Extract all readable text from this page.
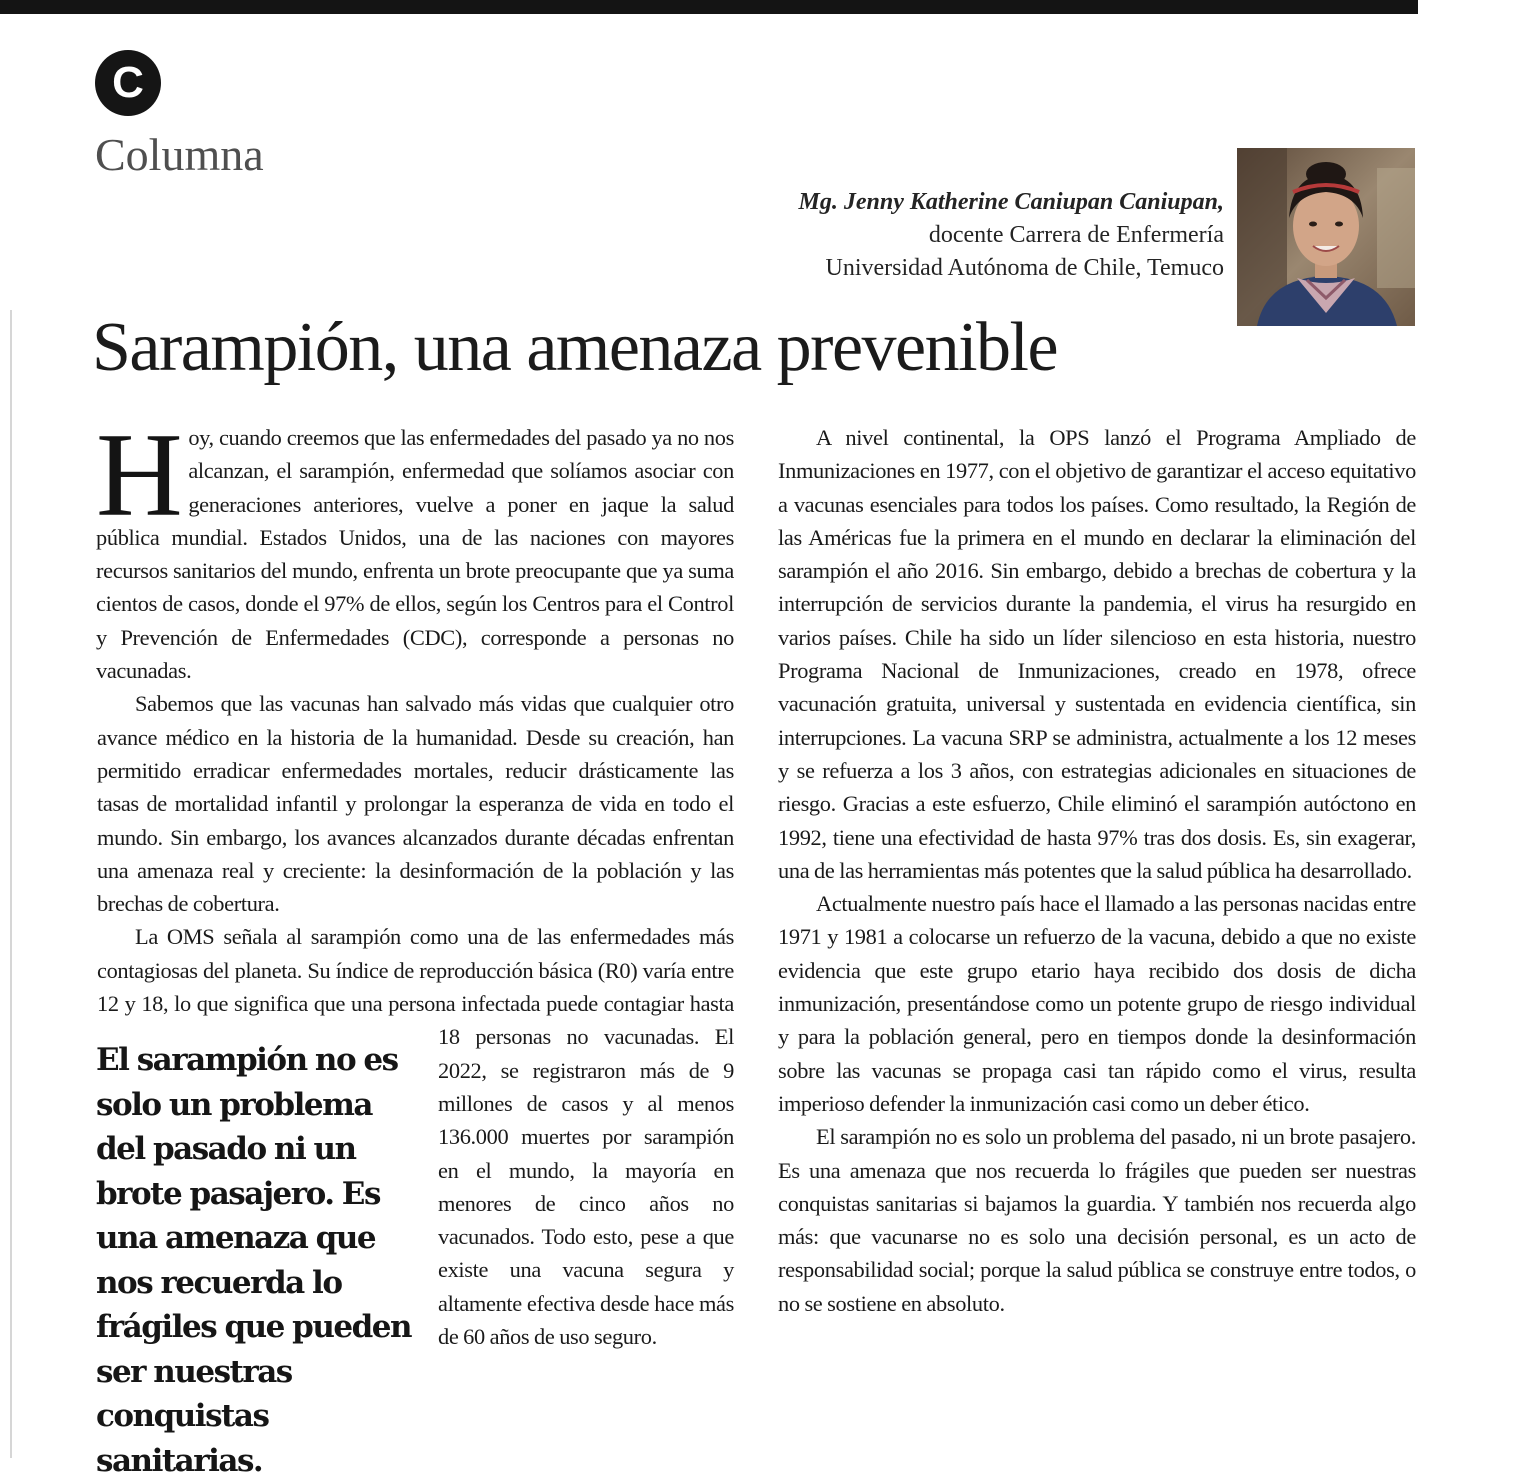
C
Columna
Mg. Jenny Katherine Caniupan Caniupan,
docente Carrera de Enfermería
Universidad Autónoma de Chile, Temuco
Sarampión, una amenaza prevenible

Hoy, cuando creemos que las enfermedades del pasado ya no nos alcanzan, el sarampión, enfermedad que solíamos asociar con generaciones anteriores, vuelve a poner en jaque la salud pública mundial. Estados Unidos, una de las naciones con mayores recursos sanitarios del mundo, enfrenta un brote preocupante que ya suma cientos de casos, donde el 97% de ellos, según los Centros para el Control y Prevención de Enfermedades (CDC), corresponde a personas no vacunadas.

El sarampión no es solo un problema del pasado ni un brote pasajero. Es una amenaza que nos recuerda lo frágiles que pueden ser nuestras conquistas sanitarias.

Sabemos que las vacunas han salvado más vidas que cualquier otro avance médico en la historia de la humanidad. Desde su creación, han permitido erradicar enfermedades mortales, reducir drásticamente las tasas de mortalidad infantil y prolongar la esperanza de vida en todo el mundo. Sin embargo, los avances alcanzados durante décadas enfrentan una amenaza real y creciente: la desinformación de la población y las brechas de cobertura.

La OMS señala al sarampión como una de las enfermedades más contagiosas del planeta. Su índice de reproducción básica (R0) varía entre 12 y 18, lo que significa que una persona infectada puede contagiar hasta 18 personas no vacunadas. El 2022, se registraron más de 9 millones de casos y al menos 136.000 muertes por sarampión en el mundo, la mayoría en menores de cinco años no vacunados. Todo esto, pese a que existe una vacuna segura y altamente efectiva desde hace más de 60 años de uso seguro.

A nivel continental, la OPS lanzó el Programa Ampliado de Inmunizaciones en 1977, con el objetivo de garantizar el acceso equitativo a vacunas esenciales para todos los países. Como resultado, la Región de las Américas fue la primera en el mundo en declarar la eliminación del sarampión el año 2016. Sin embargo, debido a brechas de cobertura y la interrupción de servicios durante la pandemia, el virus ha resurgido en varios países. Chile ha sido un líder silencioso en esta historia, nuestro Programa Nacional de Inmunizaciones, creado en 1978, ofrece vacunación gratuita, universal y sustentada en evidencia científica, sin interrupciones. La vacuna SRP se administra, actualmente a los 12 meses y se refuerza a los 3 años, con estrategias adicionales en situaciones de riesgo. Gracias a este esfuerzo, Chile eliminó el sarampión autóctono en 1992, tiene una efectividad de hasta 97% tras dos dosis. Es, sin exagerar, una de las herramientas más potentes que la salud pública ha desarrollado.

Actualmente nuestro país hace el llamado a las personas nacidas entre 1971 y 1981 a colocarse un refuerzo de la vacuna, debido a que no existe evidencia que este grupo etario haya recibido dos dosis de dicha inmunización, presentándose como un potente grupo de riesgo individual y para la población general, pero en tiempos donde la desinformación sobre las vacunas se propaga casi tan rápido como el virus, resulta imperioso defender la inmunización casi como un deber ético.

El sarampión no es solo un problema del pasado, ni un brote pasajero. Es una amenaza que nos recuerda lo frágiles que pueden ser nuestras conquistas sanitarias si bajamos la guardia. Y también nos recuerda algo más: que vacunarse no es solo una decisión personal, es un acto de responsabilidad social; porque la salud pública se construye entre todos, o no se sostiene en absoluto.
